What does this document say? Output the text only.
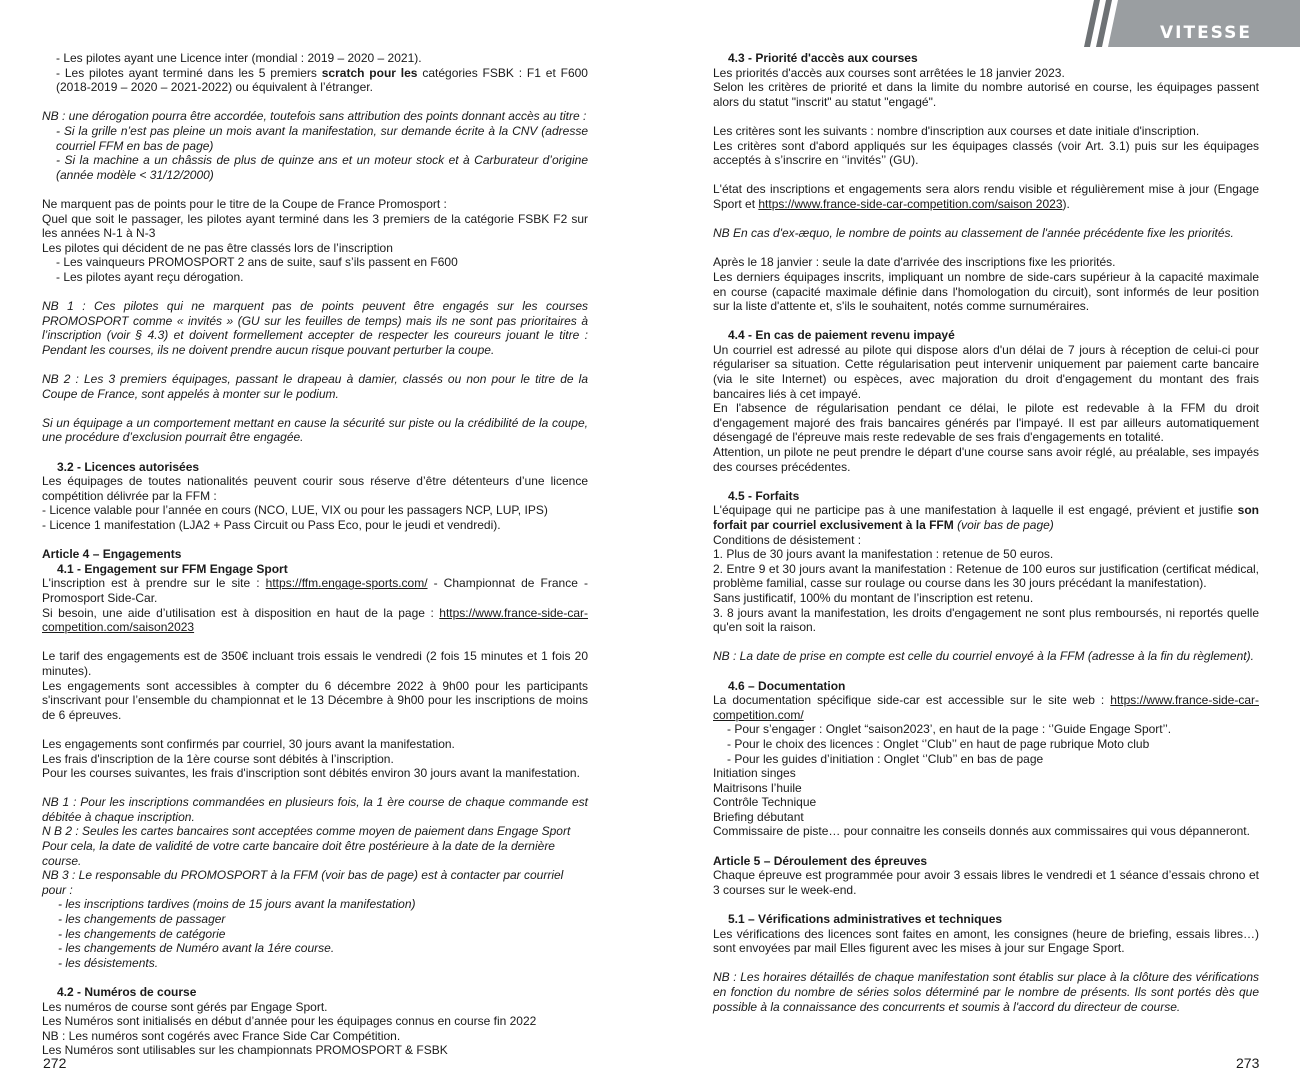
VITESSE

- Les pilotes ayant une Licence inter (mondial : 2019 – 2020 – 2021).

- Les pilotes ayant terminé dans les 5 premiers scratch pour les catégories FSBK : F1 et F600 (2018-2019 – 2020 – 2021-2022) ou équivalent à l’étranger.

NB : une dérogation pourra être accordée, toutefois sans attribution des points donnant accès au titre :

- Si la grille n’est pas pleine un mois avant la manifestation, sur demande écrite à la CNV (adresse courriel FFM en bas de page)

- Si la machine a un châssis de plus de quinze ans et un moteur stock et à Carburateur d’origine (année modèle < 31/12/2000)

Ne marquent pas de points pour le titre de la Coupe de France Promosport :

Quel que soit le passager, les pilotes ayant terminé dans les 3 premiers de la catégorie FSBK F2 sur les années N-1 à N-3

Les pilotes qui décident de ne pas être classés lors de l’inscription

- Les vainqueurs PROMOSPORT 2 ans de suite, sauf s’ils passent en F600

- Les pilotes ayant reçu dérogation.

NB 1 : Ces pilotes qui ne marquent pas de points peuvent être engagés sur les courses PROMOSPORT comme « invités » (GU sur les feuilles de temps) mais ils ne sont pas prioritaires à l’inscription (voir § 4.3) et doivent formellement accepter de respecter les coureurs jouant le titre : Pendant les courses, ils ne doivent prendre aucun risque pouvant perturber la coupe.

NB 2 : Les 3 premiers équipages, passant le drapeau à damier, classés ou non pour le titre de la Coupe de France, sont appelés à monter sur le podium.

Si un équipage a un comportement mettant en cause la sécurité sur piste ou la crédibilité de la coupe, une procédure d’exclusion pourrait être engagée.

3.2 - Licences autorisées

Les équipages de toutes nationalités peuvent courir sous réserve d’être détenteurs d’une licence compétition délivrée par la FFM :

- Licence valable pour l’année en cours (NCO, LUE, VIX ou pour les passagers NCP, LUP, IPS)

- Licence 1 manifestation (LJA2 + Pass Circuit ou Pass Eco, pour le jeudi et vendredi).

Article 4 – Engagements

4.1 - Engagement sur FFM Engage Sport

L'inscription est à prendre sur le site : https://ffm.engage-sports.com/ - Championnat de France - Promosport Side-Car.

Si besoin, une aide d’utilisation est à disposition en haut de la page : https://www.france-side-car-competition.com/saison2023

Le tarif des engagements est de 350€ incluant trois essais le vendredi (2 fois 15 minutes et 1 fois 20 minutes).

Les engagements sont accessibles à compter du 6 décembre 2022 à 9h00 pour les participants s'inscrivant pour l’ensemble du championnat et le 13 Décembre à 9h00 pour les inscriptions de moins de 6 épreuves.

Les engagements sont confirmés par courriel, 30 jours avant la manifestation.

Les frais d'inscription de la 1ère course sont débités à l’inscription.

Pour les courses suivantes, les frais d'inscription sont débités environ 30 jours avant la manifestation.

NB 1 : Pour les inscriptions commandées en plusieurs fois, la 1 ère course de chaque commande est débitée à chaque inscription.

N B 2 : Seules les cartes bancaires sont acceptées comme moyen de paiement dans Engage Sport

Pour cela, la date de validité de votre carte bancaire doit être postérieure à la date de la dernière course.

NB 3 : Le responsable du PROMOSPORT à la FFM (voir bas de page) est à contacter par courriel pour :

- les inscriptions tardives (moins de 15 jours avant la manifestation)

- les changements de passager

- les changements de catégorie

- les changements de Numéro avant la 1ére course.

- les désistements.

4.2 - Numéros de course

Les numéros de course sont gérés par Engage Sport.

Les Numéros sont initialisés en début d’année pour les équipages connus en course fin 2022

NB : Les numéros sont cogérés avec France Side Car Compétition.

Les Numéros sont utilisables sur les championnats PROMOSPORT & FSBK

4.3 - Priorité d'accès aux courses

Les priorités d'accès aux courses sont arrêtées le 18 janvier 2023.

Selon les critères de priorité et dans la limite du nombre autorisé en course, les équipages passent alors du statut "inscrit" au statut "engagé".

Les critères sont les suivants : nombre d'inscription aux courses et date initiale d'inscription.

Les critères sont d'abord appliqués sur les équipages classés (voir Art. 3.1) puis sur les équipages acceptés à s’inscrire en ‘’invités’’ (GU).

L'état des inscriptions et engagements sera alors rendu visible et régulièrement mise à jour (Engage Sport et https://www.france-side-car-competition.com/saison 2023).

NB En cas d'ex-æquo, le nombre de points au classement de l'année précédente fixe les priorités.

Après le 18 janvier : seule la date d'arrivée des inscriptions fixe les priorités.

Les derniers équipages inscrits, impliquant un nombre de side-cars supérieur à la capacité maximale en course (capacité maximale définie dans l'homologation du circuit), sont informés de leur position sur la liste d'attente et, s'ils le souhaitent, notés comme surnuméraires.

4.4 - En cas de paiement revenu impayé

Un courriel est adressé au pilote qui dispose alors d'un délai de 7 jours à réception de celui-ci pour régulariser sa situation. Cette régularisation peut intervenir uniquement par paiement carte bancaire (via le site Internet) ou espèces, avec majoration du droit d'engagement du montant des frais bancaires liés à cet impayé.

En l'absence de régularisation pendant ce délai, le pilote est redevable à la FFM du droit d'engagement majoré des frais bancaires générés par l'impayé. Il est par ailleurs automatiquement désengagé de l'épreuve mais reste redevable de ses frais d'engagements en totalité.

Attention, un pilote ne peut prendre le départ d'une course sans avoir réglé, au préalable, ses impayés des courses précédentes.

4.5 - Forfaits

L'équipage qui ne participe pas à une manifestation à laquelle il est engagé, prévient et justifie son forfait par courriel exclusivement à la FFM (voir bas de page)

Conditions de désistement :

1. Plus de 30 jours avant la manifestation : retenue de 50 euros.

2. Entre 9 et 30 jours avant la manifestation : Retenue de 100 euros sur justification (certificat médical, problème familial, casse sur roulage ou course dans les 30 jours précédant la manifestation).

Sans justificatif, 100% du montant de l’inscription est retenu.

3. 8 jours avant la manifestation, les droits d'engagement ne sont plus remboursés, ni reportés quelle qu'en soit la raison.

NB : La date de prise en compte est celle du courriel envoyé à la FFM (adresse à la fin du règlement).

4.6 – Documentation

La documentation spécifique side-car est accessible sur le site web : https://www.france-side-car-competition.com/

- Pour s’engager : Onglet “saison2023’, en haut de la page : ‘’Guide Engage Sport’’.

- Pour le choix des licences : Onglet ‘’Club’’ en haut de page rubrique Moto club

- Pour les guides d’initiation : Onglet ‘’Club’’ en bas de page

Initiation singes

Maitrisons l’huile

Contrôle Technique

Briefing débutant

Commissaire de piste… pour connaitre les conseils donnés aux commissaires qui vous dépanneront.

Article 5 – Déroulement des épreuves

Chaque épreuve est programmée pour avoir 3 essais libres le vendredi et 1 séance d’essais chrono et 3 courses sur le week-end.

5.1 – Vérifications administratives et techniques

Les vérifications des licences sont faites en amont, les consignes (heure de briefing, essais libres…) sont envoyées par mail Elles figurent avec les mises à jour sur Engage Sport.

NB : Les horaires détaillés de chaque manifestation sont établis sur place à la clôture des vérifications en fonction du nombre de séries solos déterminé par le nombre de présents. Ils sont portés dès que possible à la connaissance des concurrents et soumis à l'accord du directeur de course.

272	273
